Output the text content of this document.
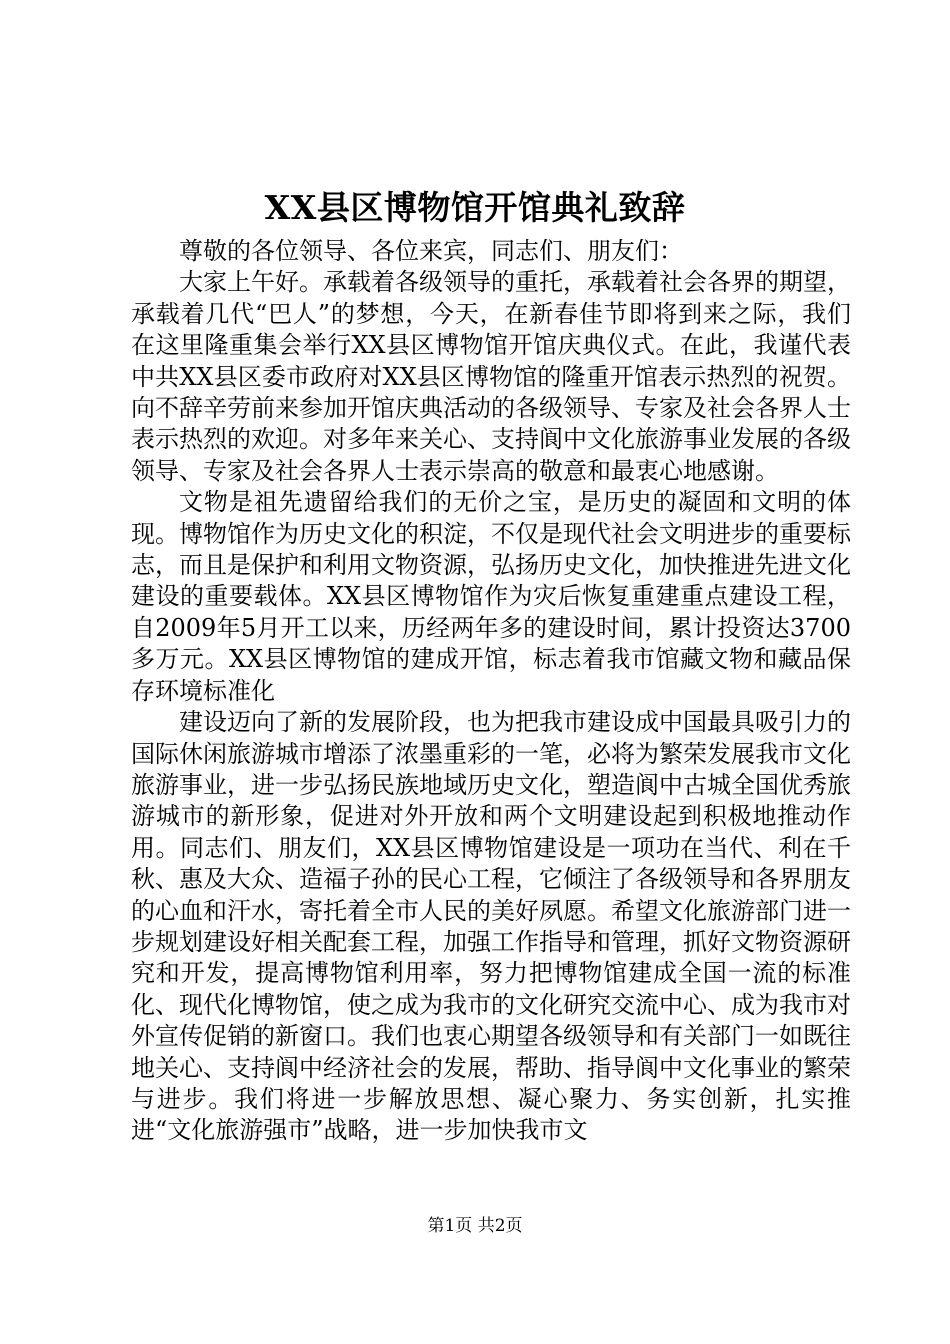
XX县区博物馆开馆典礼致辞

尊敬的各位领导、各位来宾，同志们、朋友们：

大家上午好。承载着各级领导的重托，承载着社会各界的期望，承载着几代“巴人”的梦想，今天，在新春佳节即将到来之际，我们在这里隆重集会举行XX县区博物馆开馆庆典仪式。在此，我谨代表中共XX县区委市政府对XX县区博物馆的隆重开馆表示热烈的祝贺。向不辞辛劳前来参加开馆庆典活动的各级领导、专家及社会各界人士表示热烈的欢迎。对多年来关心、支持阆中文化旅游事业发展的各级领导、专家及社会各界人士表示崇高的敬意和最衷心地感谢。

文物是祖先遗留给我们的无价之宝，是历史的凝固和文明的体现。博物馆作为历史文化的积淀，不仅是现代社会文明进步的重要标志，而且是保护和利用文物资源，弘扬历史文化，加快推进先进文化建设的重要载体。XX县区博物馆作为灾后恢复重建重点建设工程，自2009年5月开工以来，历经两年多的建设时间，累计投资达3700多万元。XX县区博物馆的建成开馆，标志着我市馆藏文物和藏品保存环境标准化

建设迈向了新的发展阶段，也为把我市建设成中国最具吸引力的国际休闲旅游城市增添了浓墨重彩的一笔，必将为繁荣发展我市文化旅游事业，进一步弘扬民族地域历史文化，塑造阆中古城全国优秀旅游城市的新形象，促进对外开放和两个文明建设起到积极地推动作用。同志们、朋友们，XX县区博物馆建设是一项功在当代、利在千秋、惠及大众、造福子孙的民心工程，它倾注了各级领导和各界朋友的心血和汗水，寄托着全市人民的美好夙愿。希望文化旅游部门进一步规划建设好相关配套工程，加强工作指导和管理，抓好文物资源研究和开发，提高博物馆利用率，努力把博物馆建成全国一流的标准化、现代化博物馆，使之成为我市的文化研究交流中心、成为我市对外宣传促销的新窗口。我们也衷心期望各级领导和有关部门一如既往地关心、支持阆中经济社会的发展，帮助、指导阆中文化事业的繁荣与进步。我们将进一步解放思想、凝心聚力、务实创新，扎实推进“文化旅游强市”战略，进一步加快我市文

第1页 共2页
